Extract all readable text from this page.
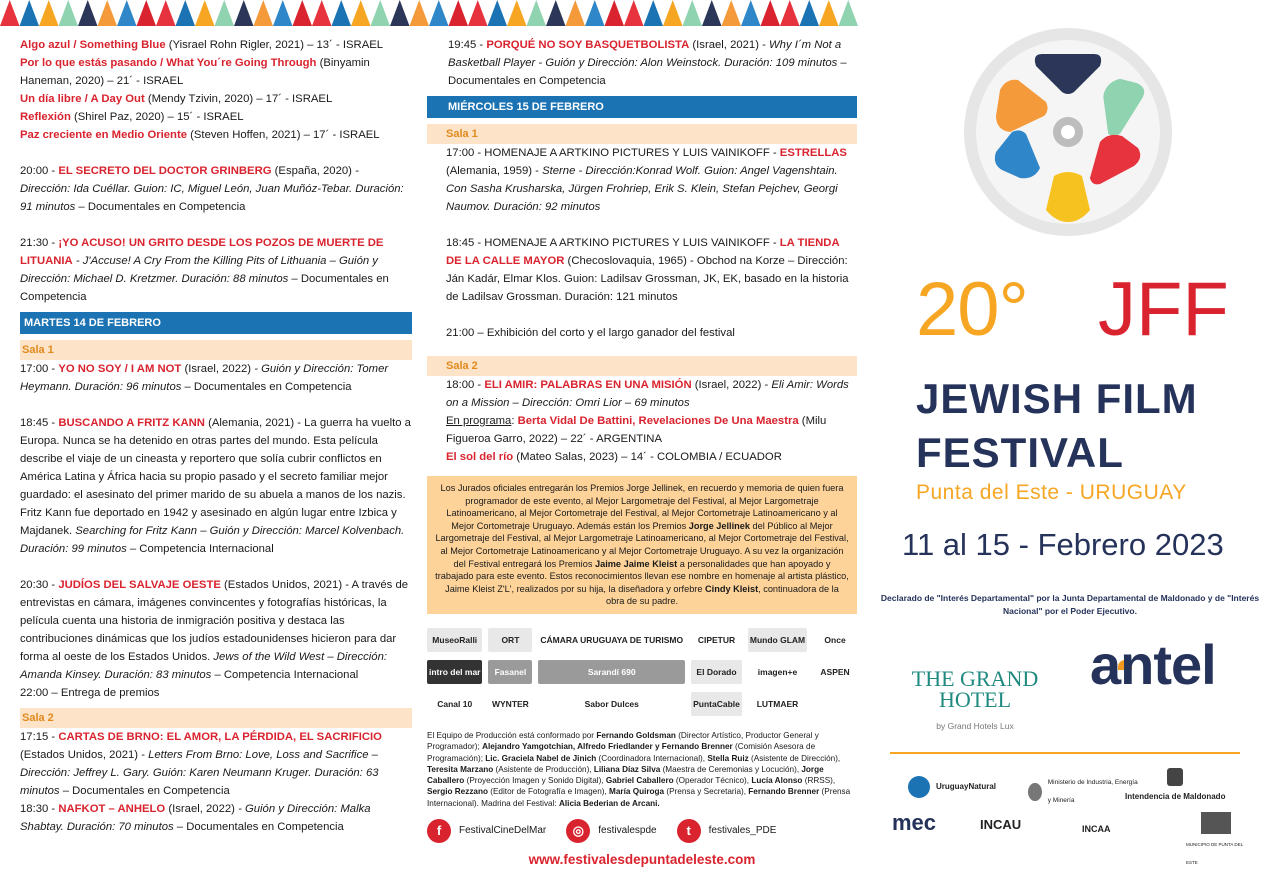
Algo azul / Something Blue (Yisrael Rohn Rigler, 2021) – 13´ - ISRAEL

Por lo que estás pasando / What You´re Going Through (Binyamin Haneman, 2020) – 21´ - ISRAEL

Un día libre / A Day Out (Mendy Tzivin, 2020) – 17´ - ISRAEL

Reflexión (Shirel Paz, 2020) – 15´ - ISRAEL

Paz creciente en Medio Oriente (Steven Hoffen, 2021) – 17´ - ISRAEL

20:00 - EL SECRETO DEL DOCTOR GRINBERG (España, 2020) - Dirección: Ida Cuéllar. Guion: IC, Miguel León, Juan Muñóz-Tebar. Duración: 91 minutos – Documentales en Competencia

21:30 - ¡YO ACUSO! UN GRITO DESDE LOS POZOS DE MUERTE DE LITUANIA - J'Accuse! A Cry From the Killing Pits of Lithuania – Guión y Dirección: Michael D. Kretzmer. Duración: 88 minutos – Documentales en Competencia

MARTES 14 DE FEBRERO
Sala 1

17:00 - YO NO SOY / I AM NOT (Israel, 2022) - Guión y Dirección: Tomer Heymann. Duración: 96 minutos – Documentales en Competencia

18:45 - BUSCANDO A FRITZ KANN (Alemania, 2021) - La guerra ha vuelto a Europa. Nunca se ha detenido en otras partes del mundo. Esta película describe el viaje de un cineasta y reportero que solía cubrir conflictos en América Latina y África hacia su propio pasado y el secreto familiar mejor guardado: el asesinato del primer marido de su abuela a manos de los nazis. Fritz Kann fue deportado en 1942 y asesinado en algún lugar entre Izbica y Majdanek. Searching for Fritz Kann – Guión y Dirección: Marcel Kolvenbach. Duración: 99 minutos – Competencia Internacional

20:30 - JUDÍOS DEL SALVAJE OESTE (Estados Unidos, 2021) - A través de entrevistas en cámara, imágenes convincentes y fotografías históricas, la película cuenta una historia de inmigración positiva y destaca las contribuciones dinámicas que los judíos estadounidenses hicieron para dar forma al oeste de los Estados Unidos. Jews of the Wild West – Dirección: Amanda Kinsey. Duración: 83 minutos – Competencia Internacional

22:00 – Entrega de premios

Sala 2

17:15 - CARTAS DE BRNO: EL AMOR, LA PÉRDIDA, EL SACRIFICIO (Estados Unidos, 2021) - Letters From Brno: Love, Loss and Sacrifice – Dirección: Jeffrey L. Gary. Guión: Karen Neumann Kruger. Duración: 63 minutos – Documentales en Competencia

18:30 - NAFKOT – ANHELO (Israel, 2022) - Guión y Dirección: Malka Shabtay. Duración: 70 minutos – Documentales en Competencia

19:45 - PORQUÉ NO SOY BASQUETBOLISTA (Israel, 2021) - Why I´m Not a Basketball Player - Guión y Dirección: Alon Weinstock. Duración: 109 minutos – Documentales en Competencia

MIÉRCOLES 15 DE FEBRERO
Sala 1

17:00 - HOMENAJE A ARTKINO PICTURES Y LUIS VAINIKOFF - ESTRELLAS (Alemania, 1959) - Sterne - Dirección:Konrad Wolf. Guion: Angel Vagenshtain. Con Sasha Krusharska, Jürgen Frohriep, Erik S. Klein, Stefan Pejchev, Georgi Naumov. Duración: 92 minutos

18:45 - HOMENAJE A ARTKINO PICTURES Y LUIS VAINIKOFF - LA TIENDA DE LA CALLE MAYOR (Checoslovaquia, 1965) - Obchod na Korze – Dirección: Ján Kadár, Elmar Klos. Guion: Ladilsav Grossman, JK, EK, basado en la historia de Ladilsav Grossman. Duración: 121 minutos

21:00 – Exhibición del corto y el largo ganador del festival

Sala 2

18:00 - ELI AMIR: PALABRAS EN UNA MISIÓN (Israel, 2022) - Eli Amir: Words on a Mission – Dirección: Omri Lior – 69 minutos

En programa: Berta Vidal De Battini, Revelaciones De Una Maestra (Milu Figueroa Garro, 2022) – 22´ - ARGENTINA

El sol del río (Mateo Salas, 2023) – 14´ - COLOMBIA / ECUADOR

Los Jurados oficiales entregarán los Premios Jorge Jellinek, en recuerdo y memoria de quien fuera programador de este evento, al Mejor Largometraje del Festival, al Mejor Largometraje Latinoamericano, al Mejor Cortometraje del Festival, al Mejor Cortometraje Latinoamericano y al Mejor Cortometraje Uruguayo. Además están los Premios Jorge Jellinek del Público al Mejor Largometraje del Festival, al Mejor Largometraje Latinoamericano, al Mejor Cortometraje del Festival, al Mejor Cortometraje Latinoamericano y al Mejor Cortometraje Uruguayo. A su vez la organización del Festival entregará los Premios Jaime Jaime Kleist a personalidades que han apoyado y trabajado para este evento. Estos reconocimientos llevan ese nombre en homenaje al artista plástico, Jaime Kleist Z'L', realizados por su hija, la diseñadora y orfebre Cindy Kleist, continuadora de la obra de su padre.
MuseoRalli	ORT	CÁMARA URUGUAYA DE TURISMO	CIPETUR	Mundo GLAM	Once
intro del mar	Fasanel	Sarandí 690	El Dorado	imagen+e	ASPEN
Canal 10	WYNTER	Sabor Dulces	PuntaCable	LUTMAER
El Equipo de Producción está conformado por Fernando Goldsman (Director Artístico, Productor General y Programador); Alejandro Yamgotchian, Alfredo Friedlander y Fernando Brenner (Comisión Asesora de Programación); Lic. Graciela Nabel de Jinich (Coordinadora Internacional), Stella Ruiz (Asistente de Dirección), Teresita Marzano (Asistente de Producción), Liliana Díaz Silva (Maestra de Ceremonias y Locución), Jorge Caballero (Proyección Imagen y Sonido Digital), Gabriel Caballero (Operador Técnico), Lucía Alonso (RRSS), Sergio Rezzano (Editor de Fotografía e Imagen), María Quiroga (Prensa y Secretaria), Fernando Brenner (Prensa Internacional). Madrina del Festival: Alicia Bederian de Arcani.
f	FestivalCineDelMar	◎	festivalespde	t	festivales_PDE
www.festivalesdepuntadeleste.com
20° JFF
JEWISH FILM
FESTIVAL
Punta del Este - URUGUAY
11 al 15 - Febrero 2023
Declarado de "Interés Departamental" por la Junta Departamental de Maldonado y de "Interés Nacional" por el Poder Ejecutivo.
THE GRAND HOTEL
by Grand Hotels Lux
antel
UruguayNatural	Ministerio de Industria, Energía y Minería	Intendencia de Maldonado
mec	INCAU	INCAA
MUNICIPIO DE PUNTA DEL ESTE
